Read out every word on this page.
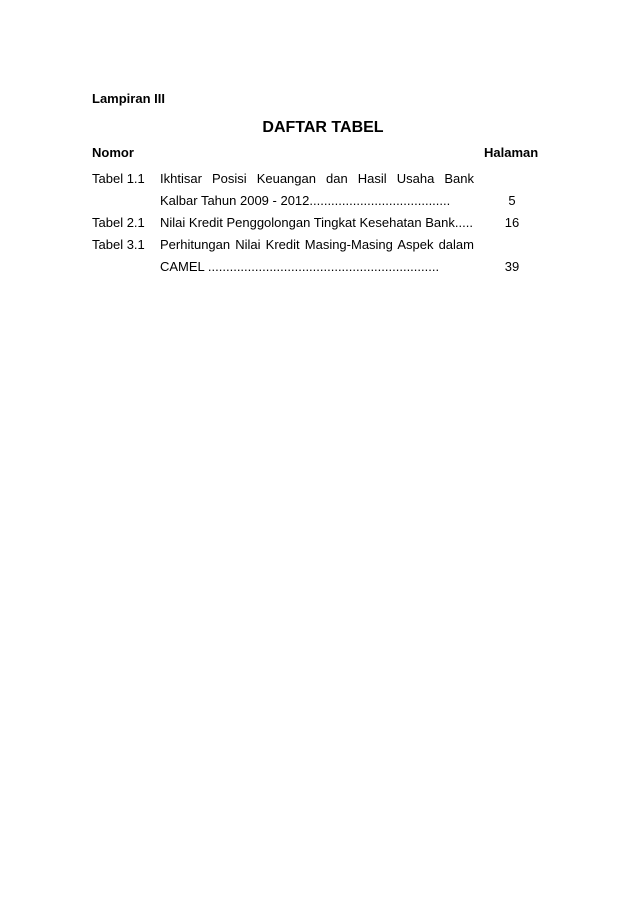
Lampiran III
DAFTAR TABEL
Nomor	Halaman
Tabel 1.1 Ikhtisar Posisi Keuangan dan Hasil Usaha Bank
Kalbar Tahun 2009 - 2012.......................................	5
Tabel 2.1 Nilai Kredit Penggolongan Tingkat Kesehatan Bank.....	16
Tabel 3.1 Perhitungan Nilai Kredit Masing-Masing Aspek dalam
CAMEL ................................................................	39
